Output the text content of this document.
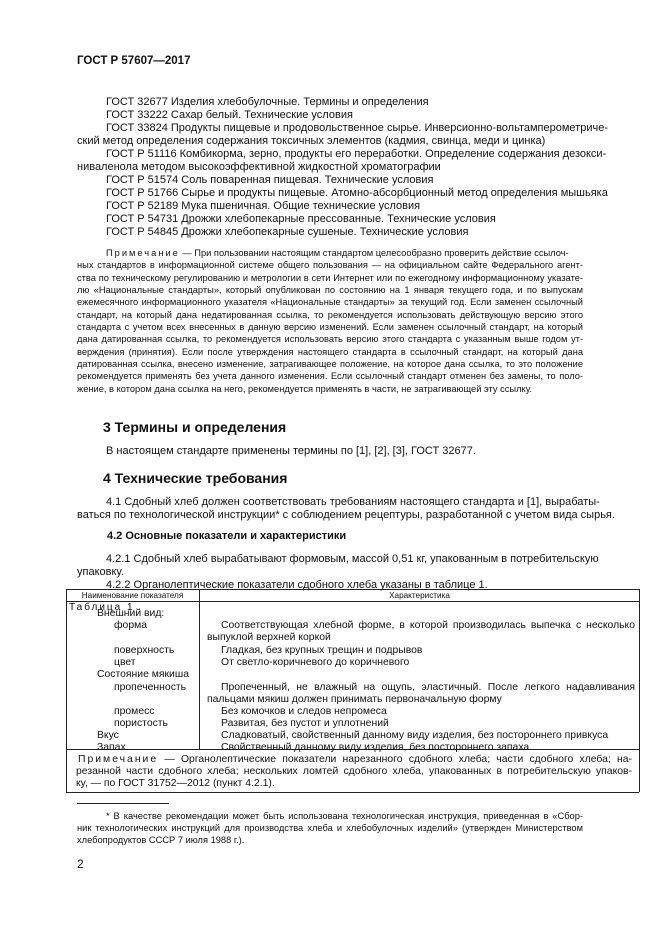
ГОСТ Р 57607—2017
ГОСТ 32677 Изделия хлебобулочные. Термины и определения
ГОСТ 33222 Сахар белый. Технические условия
ГОСТ 33824 Продукты пищевые и продовольственное сырье. Инверсионно-вольтамперометриче-
ский метод определения содержания токсичных элементов (кадмия, свинца, меди и цинка)
ГОСТ Р 51116 Комбикорма, зерно, продукты его переработки. Определение содержания дезокси-
ниваленола методом высокоэффективной жидкостной хроматографии
ГОСТ Р 51574 Соль поваренная пищевая. Технические условия
ГОСТ Р 51766 Сырье и продукты пищевые. Атомно-абсорбционный метод определения мышьяка
ГОСТ Р 52189 Мука пшеничная. Общие технические условия
ГОСТ Р 54731 Дрожжи хлебопекарные прессованные. Технические условия
ГОСТ Р 54845 Дрожжи хлебопекарные сушеные. Технические условия
Примечание — При пользовании настоящим стандартом целесообразно проверить действие ссылоч-
ных стандартов в информационной системе общего пользования — на официальном сайте Федерального агент-
ства по техническому регулированию и метрологии в сети Интернет или по ежегодному информационному указате-
лю «Национальные стандарты», который опубликован по состоянию на 1 января текущего года, и по выпускам
ежемесячного информационного указателя «Национальные стандарты» за текущий год. Если заменен ссылочный
стандарт, на который дана недатированная ссылка, то рекомендуется использовать действующую версию этого
стандарта с учетом всех внесенных в данную версию изменений. Если заменен ссылочный стандарт, на который
дана датированная ссылка, то рекомендуется использовать версию этого стандарта с указанным выше годом ут-
верждения (принятия). Если после утверждения настоящего стандарта в ссылочный стандарт, на который дана
датированная ссылка, внесено изменение, затрагивающее положение, на которое дана ссылка, то это положение
рекомендуется применять без учета данного изменения. Если ссылочный стандарт отменен без замены, то поло-
жение, в котором дана ссылка на него, рекомендуется применять в части, не затрагивающей эту ссылку.
3 Термины и определения
В настоящем стандарте применены термины по [1], [2], [3], ГОСТ 32677.
4 Технические требования
4.1 Сдобный хлеб должен соответствовать требованиям настоящего стандарта и [1], вырабаты-
ваться по технологической инструкции* с соблюдением рецептуры, разработанной с учетом вида сырья.
4.2 Основные показатели и характеристики
4.2.1 Сдобный хлеб вырабатывают формовым, массой 0,51 кг, упакованным в потребительскую
упаковку.
4.2.2 Органолептические показатели сдобного хлеба указаны в таблице 1.
Таблица 1
Наименование показателя	Характеристика
Внешний вид:
форма	Соответствующая хлебной форме, в которой производилась выпечка с несколько
выпуклой верхней коркой
поверхность	Гладкая, без крупных трещин и подрывов
цвет	От светло-коричневого до коричневого
Состояние мякиша
пропеченность	Пропеченный, не влажный на ощупь, эластичный. После легкого надавливания
пальцами мякиш должен принимать первоначальную форму
промесс	Без комочков и следов непромеса
пористость	Развитая, без пустот и уплотнений
Вкус	Сладковатый, свойственный данному виду изделия, без постороннего привкуса
Запах	Свойственный данному виду изделия, без постороннего запаха
Примечание — Органолептические показатели нарезанного сдобного хлеба; части сдобного хлеба; на-
резанной части сдобного хлеба; нескольких ломтей сдобного хлеба, упакованных в потребительскую упаков-
ку, — по ГОСТ 31752—2012 (пункт 4.2.1).
* В качестве рекомендации может быть использована технологическая инструкция, приведенная в «Сбор-
ник технологических инструкций для производства хлеба и хлебобулочных изделий» (утвержден Министерством
хлебопродуктов СССР 7 июля 1988 г.).
2
